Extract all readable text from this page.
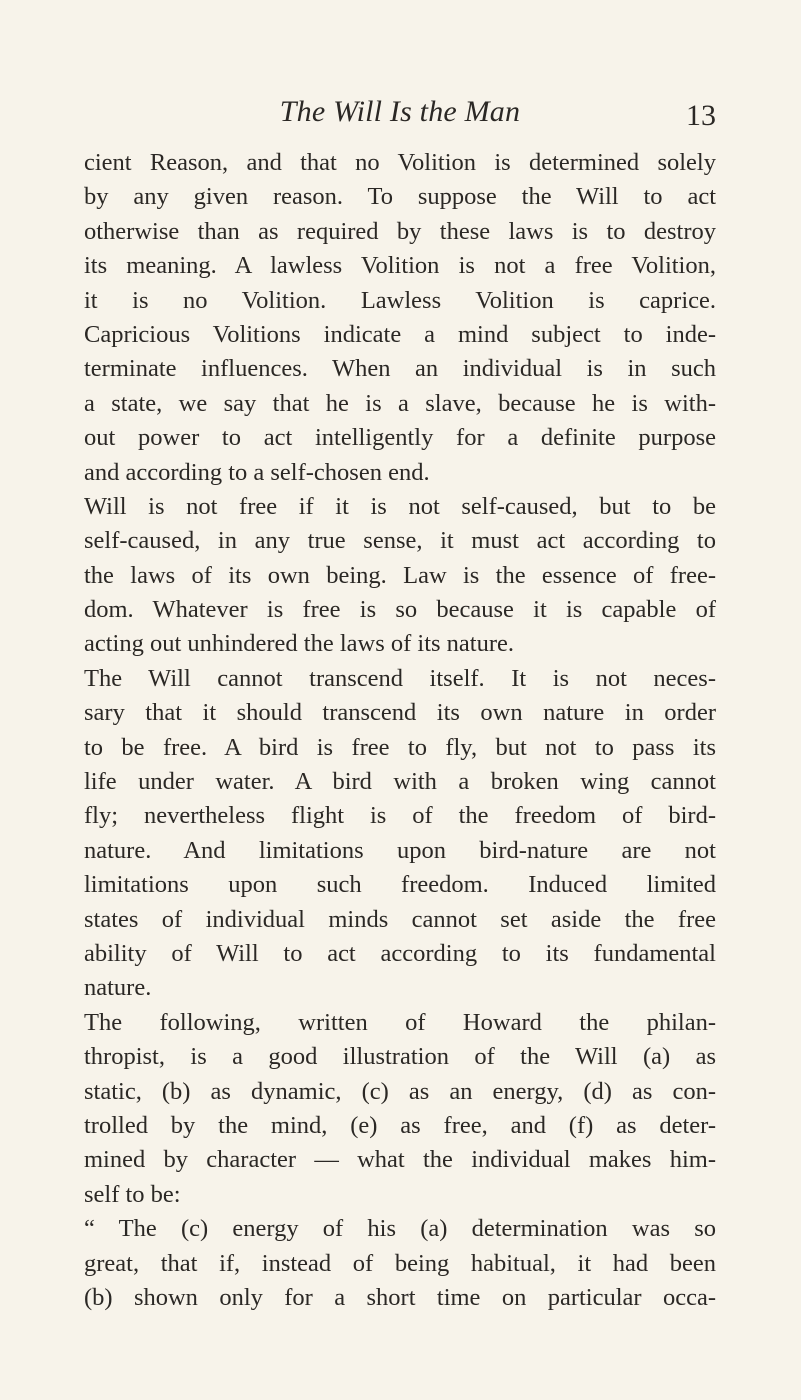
The Will Is the Man	13
cient Reason, and that no Volition is determined solely
by any given reason. To suppose the Will to act
otherwise than as required by these laws is to destroy
its meaning. A lawless Volition is not a free Volition,
it is no Volition. Lawless Volition is caprice.
Capricious Volitions indicate a mind subject to inde-
terminate influences. When an individual is in such
a state, we say that he is a slave, because he is with-
out power to act intelligently for a definite purpose
and according to a self-chosen end.
Will is not free if it is not self-caused, but to be
self-caused, in any true sense, it must act according to
the laws of its own being. Law is the essence of free-
dom. Whatever is free is so because it is capable of
acting out unhindered the laws of its nature.
The Will cannot transcend itself. It is not neces-
sary that it should transcend its own nature in order
to be free. A bird is free to fly, but not to pass its
life under water. A bird with a broken wing cannot
fly; nevertheless flight is of the freedom of bird-
nature. And limitations upon bird-nature are not
limitations upon such freedom. Induced limited
states of individual minds cannot set aside the free
ability of Will to act according to its fundamental
nature.
The following, written of Howard the philan-
thropist, is a good illustration of the Will (a) as
static, (b) as dynamic, (c) as an energy, (d) as con-
trolled by the mind, (e) as free, and (f) as deter-
mined by character — what the individual makes him-
self to be:
“ The (c) energy of his (a) determination was so
great, that if, instead of being habitual, it had been
(b) shown only for a short time on particular occa-
